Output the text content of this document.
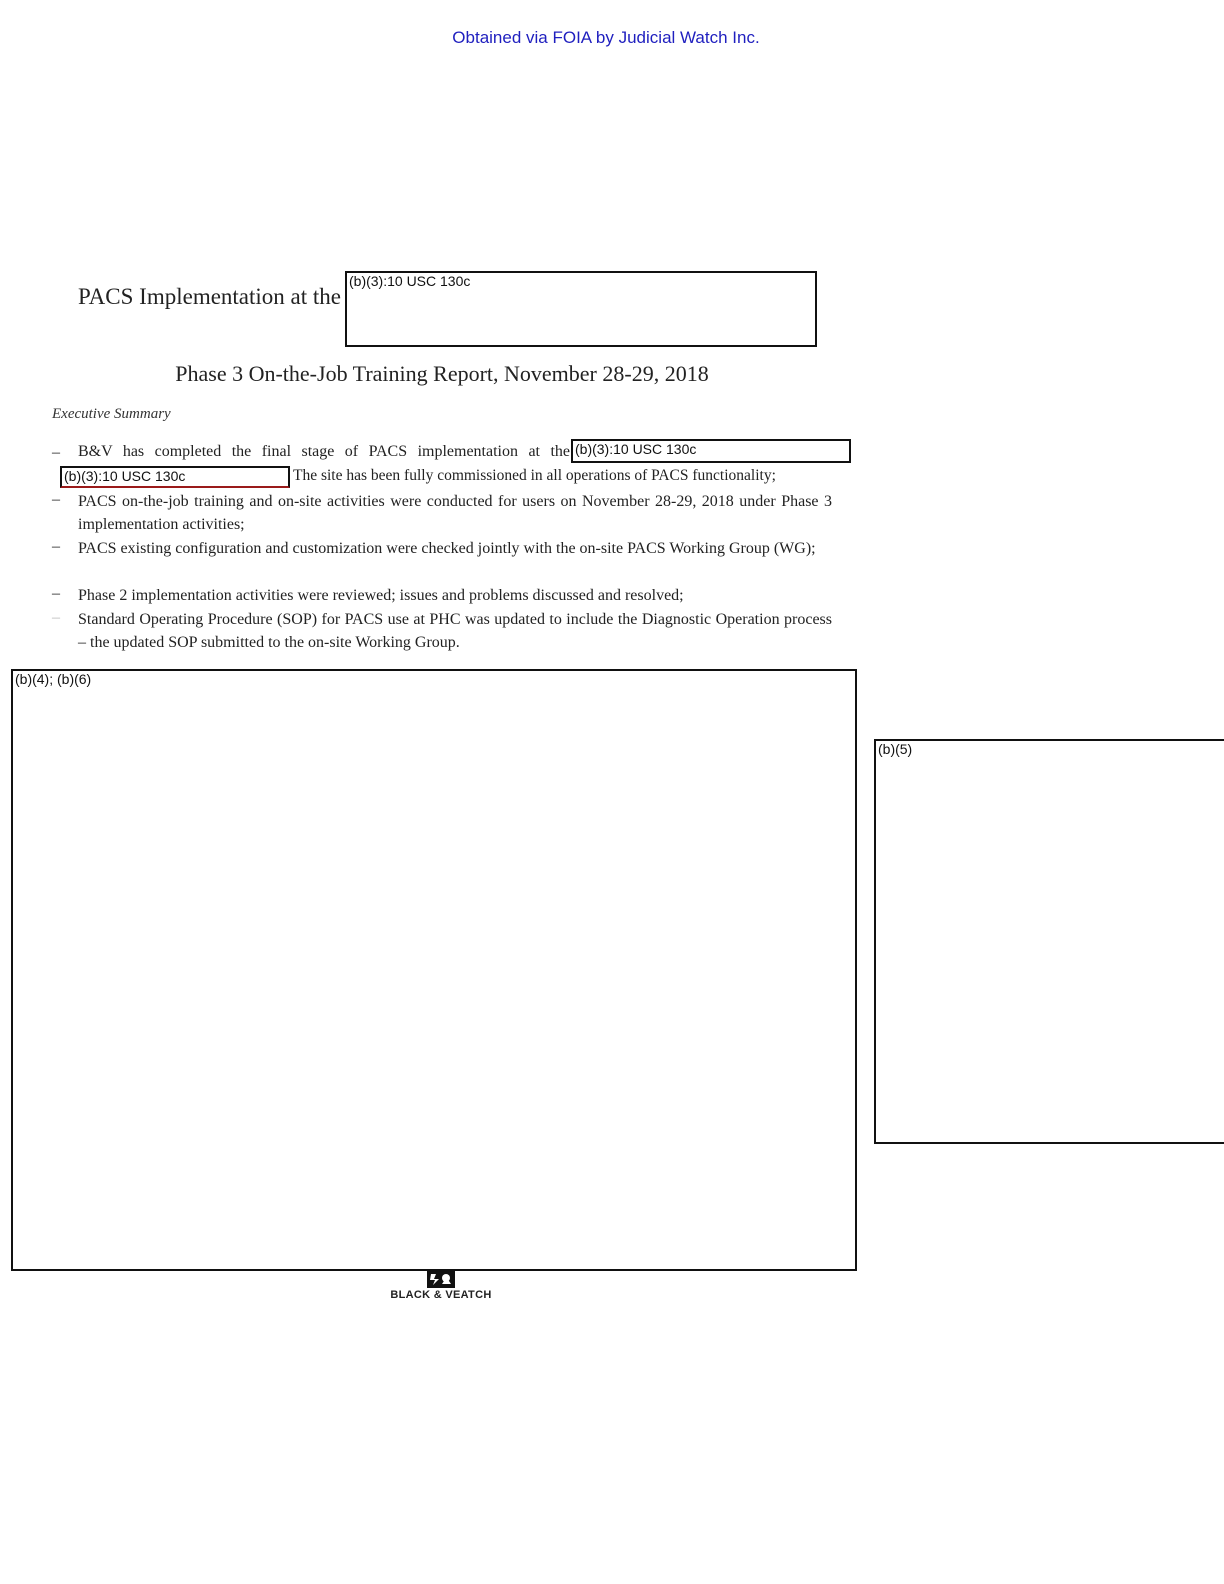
Obtained via FOIA by Judicial Watch Inc.
PACS Implementation at the
(b)(3):10 USC 130c
Phase 3 On-the-Job Training Report, November 28-29, 2018
Executive Summary
– B&V has completed the final stage of PACS implementation at the (b)(3):10 USC 130c
(b)(3):10 USC 130c	The site has been fully commissioned in all operations of PACS functionality;
– PACS on-the-job training and on-site activities were conducted for users on November 28-29, 2018 under Phase 3 implementation activities;
– PACS existing configuration and customization were checked jointly with the on-site PACS Working Group (WG);
– Phase 2 implementation activities were reviewed; issues and problems discussed and resolved;
– Standard Operating Procedure (SOP) for PACS use at PHC was updated to include the Diagnostic Operation process – the updated SOP submitted to the on-site Working Group.
(b)(4); (b)(6)
(b)(5)
BLACK & VEATCH
